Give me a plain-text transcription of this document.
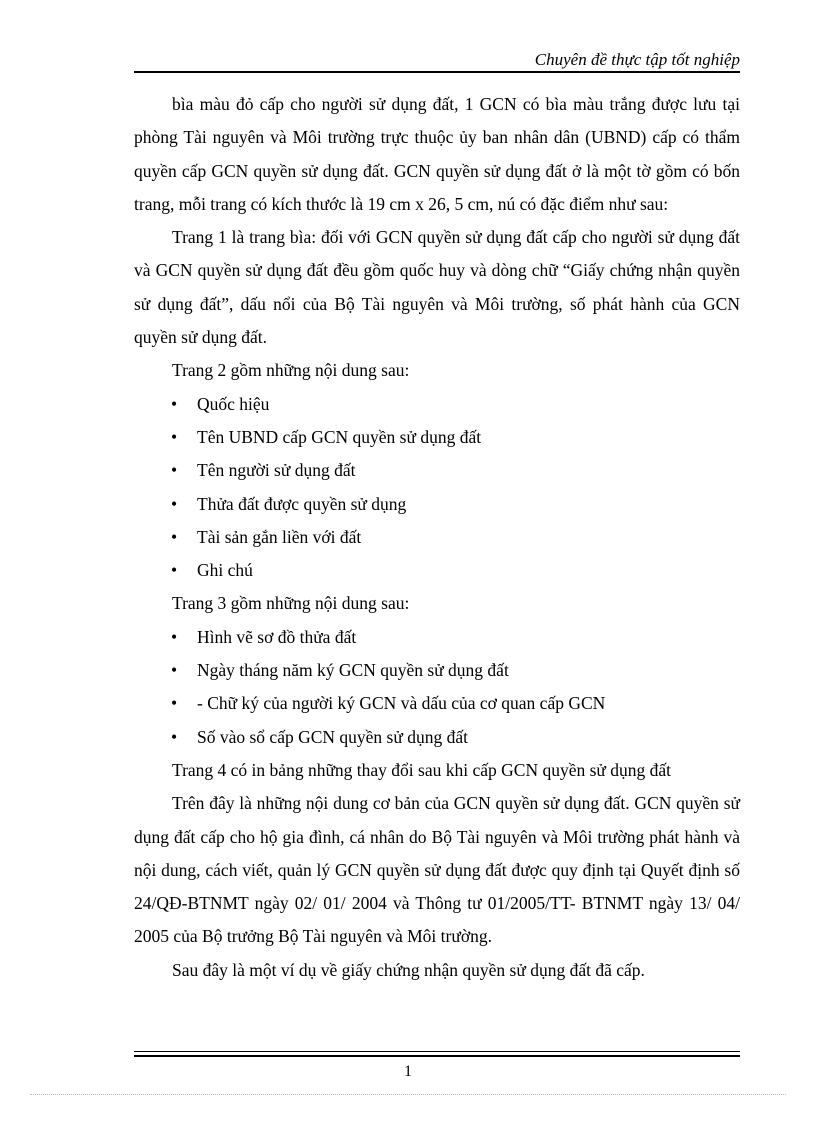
Chuyên đề thực tập tốt nghiệp

bìa màu đỏ cấp cho người sử dụng đất, 1 GCN có bìa màu trắng được lưu tại phòng Tài nguyên và Môi trường trực thuộc ủy ban nhân dân (UBND) cấp có thẩm quyền cấp GCN quyền sử dụng đất. GCN quyền sử dụng đất ở là một tờ gồm có bốn trang, mỗi trang có kích thước là 19 cm x 26, 5 cm, nú có đặc điểm như sau:

Trang 1 là trang bìa: đối với GCN quyền sử dụng đất cấp cho người sử dụng đất và GCN quyền sử dụng đất đều gồm quốc huy và dòng chữ “Giấy chứng nhận quyền sử dụng đất”, dấu nổi của Bộ Tài nguyên và Môi trường, số phát hành của GCN quyền sử dụng đất.

Trang 2 gồm những nội dung sau:

• Quốc hiệu
• Tên UBND cấp GCN quyền sử dụng đất
• Tên người sử dụng đất
• Thửa đất được quyền sử dụng
• Tài sản gắn liền với đất
• Ghi chú

Trang 3 gồm những nội dung sau:

• Hình vẽ sơ đồ thửa đất
• Ngày tháng năm ký GCN quyền sử dụng đất
• - Chữ ký của người ký GCN và dấu của cơ quan cấp GCN
• Số vào sổ cấp GCN quyền sử dụng đất

Trang 4 có in bảng những thay đổi sau khi cấp GCN quyền sử dụng đất

Trên đây là những nội dung cơ bản của GCN quyền sử dụng đất. GCN quyền sử dụng đất cấp cho hộ gia đình, cá nhân do Bộ Tài nguyên và Môi trường phát hành và nội dung, cách viết, quản lý GCN quyền sử dụng đất được quy định tại Quyết định số 24/QĐ-BTNMT ngày 02/ 01/ 2004 và Thông tư 01/2005/TT- BTNMT ngày 13/ 04/ 2005 của Bộ trưởng Bộ Tài nguyên và Môi trường.

Sau đây là một ví dụ về giấy chứng nhận quyền sử dụng đất đã cấp.

1
